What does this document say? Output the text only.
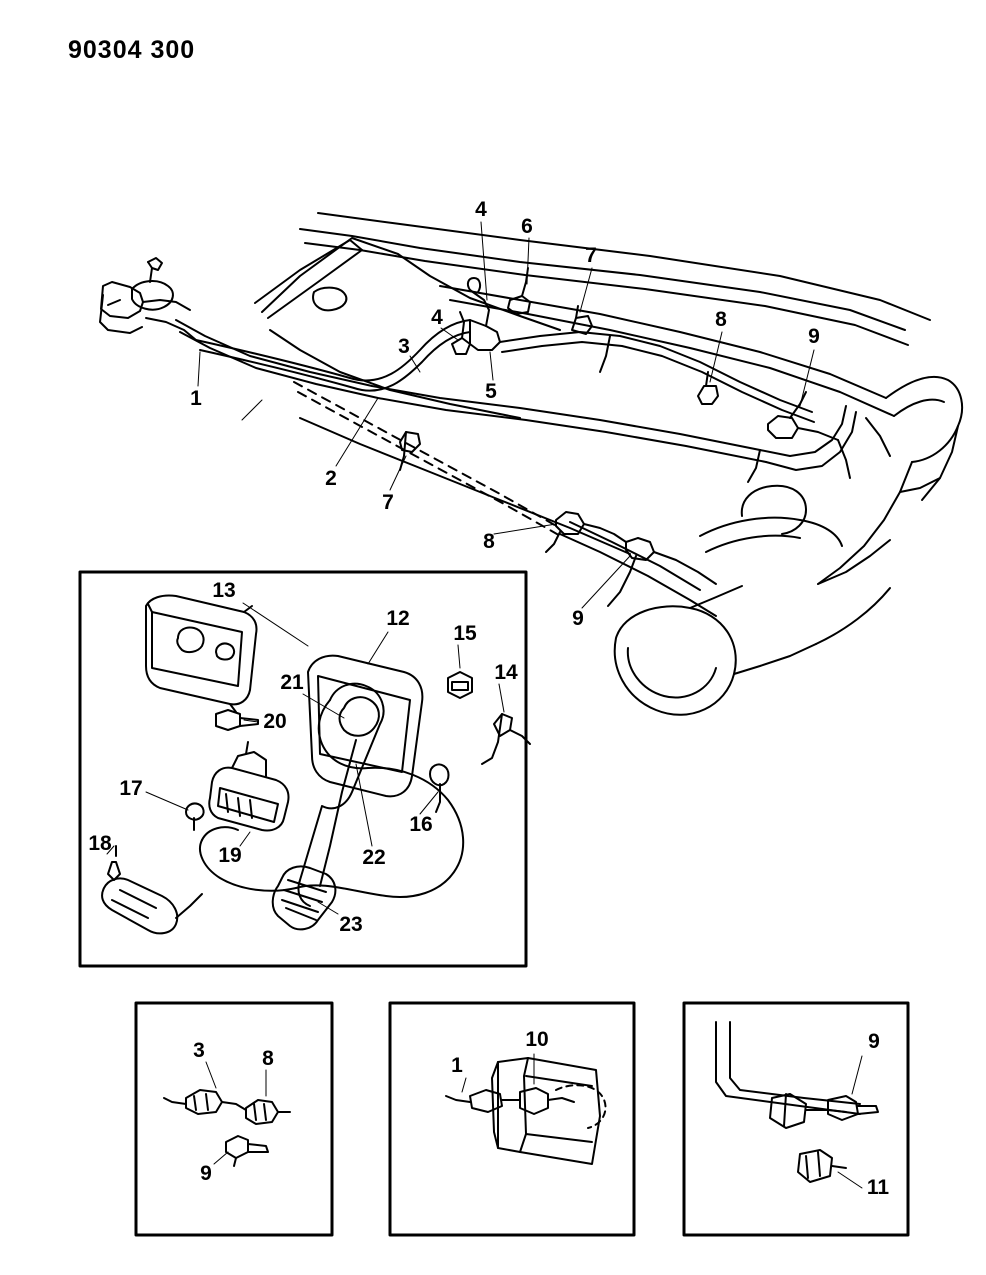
90304 300
1
2
3
4
4
5
6
7
7
8
8
9
9
13
12
15
14
21
20
16
17
19	22
18
23
3	8
9
1
10	9
11
